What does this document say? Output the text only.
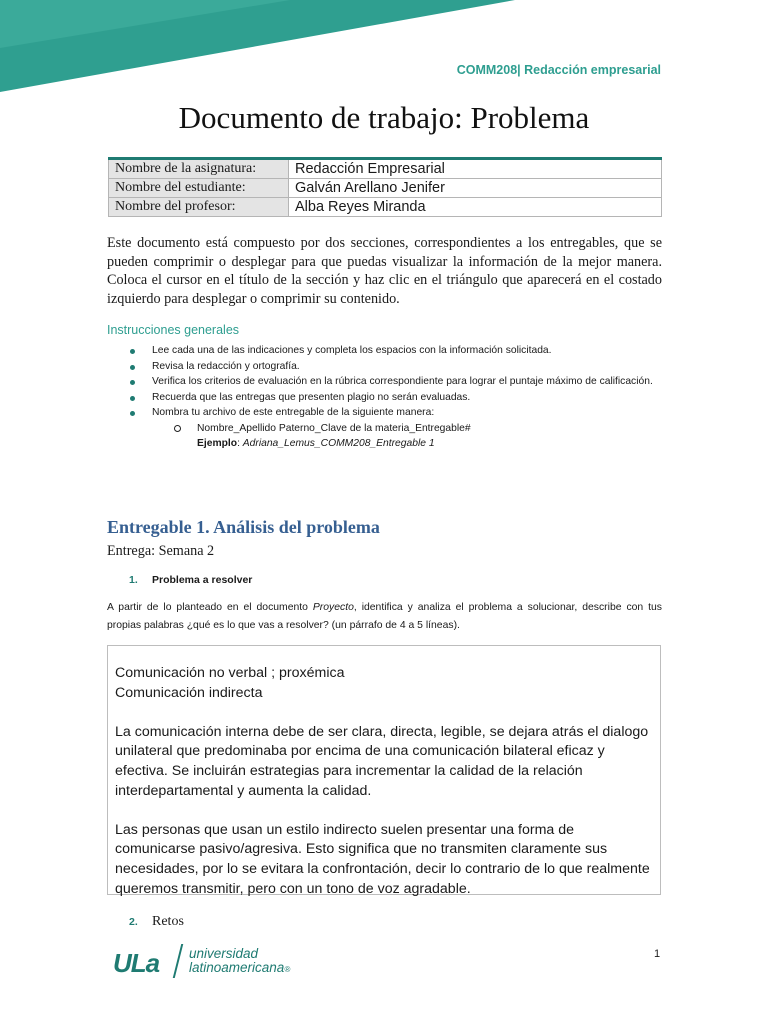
COMM208| Redacción empresarial
Documento de trabajo: Problema
Nombre de la asignatura:	Redacción Empresarial
Nombre del estudiante:	Galván Arellano Jenifer
Nombre del profesor:	Alba Reyes Miranda

Este documento está compuesto por dos secciones, correspondientes a los entregables, que se pueden comprimir o desplegar para que puedas visualizar la información de la mejor manera. Coloca el cursor en el título de la sección y haz clic en el triángulo que aparecerá en el costado izquierdo para desplegar o comprimir su contenido.

Instrucciones generales
Lee cada una de las indicaciones y completa los espacios con la información solicitada.
Revisa la redacción y ortografía.
Verifica los criterios de evaluación en la rúbrica correspondiente para lograr el puntaje máximo de calificación.
Recuerda que las entregas que presenten plagio no serán evaluadas.
Nombra tu archivo de este entregable de la siguiente manera:
Nombre_Apellido Paterno_Clave de la materia_Entregable#
Ejemplo: Adriana_Lemus_COMM208_Entregable 1
Entregable 1. Análisis del problema
Entrega: Semana 2
1. Problema a resolver

A partir de lo planteado en el documento Proyecto, identifica y analiza el problema a solucionar, describe con tus propias palabras ¿qué es lo que vas a resolver? (un párrafo de 4 a 5 líneas).

Comunicación no verbal ; proxémica

Comunicación indirecta

La comunicación interna debe de ser clara, directa, legible, se dejara atrás el dialogo unilateral que predominaba por encima de una comunicación bilateral eficaz y efectiva. Se incluirán estrategias para incrementar la calidad de la relación interdepartamental y aumenta la calidad.

Las personas que usan un estilo indirecto suelen presentar una forma de comunicarse pasivo/agresiva. Esto significa que no transmiten claramente sus necesidades, por lo se evitara la confrontación, decir lo contrario de lo que realmente queremos transmitir, pero con un tono de voz agradable.

2. Retos
ULa universidad
latinoamericana®
1
